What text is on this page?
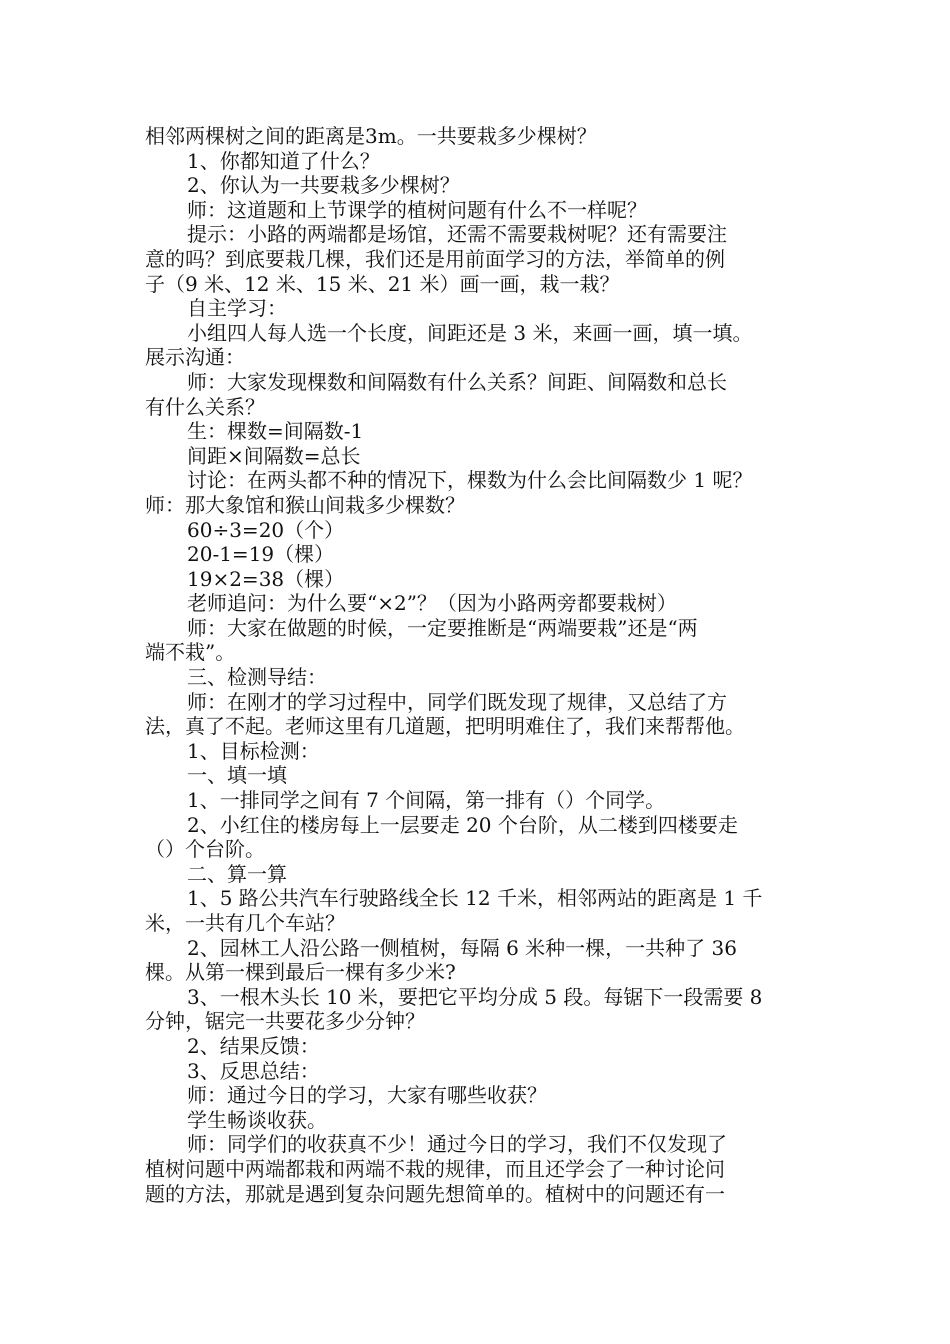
相邻两棵树之间的距离是3m。一共要栽多少棵树？
1、你都知道了什么？
2、你认为一共要栽多少棵树？
师：这道题和上节课学的植树问题有什么不一样呢？
提示：小路的两端都是场馆，还需不需要栽树呢？还有需要注
意的吗？到底要栽几棵，我们还是用前面学习的方法，举简单的例
子（9 米、12 米、15 米、21 米）画一画，栽一栽？
自主学习：
小组四人每人选一个长度，间距还是 3 米，来画一画，填一填。
展示沟通：
师：大家发现棵数和间隔数有什么关系？间距、间隔数和总长
有什么关系？
生：棵数=间隔数-1
间距×间隔数=总长
讨论：在两头都不种的情况下，棵数为什么会比间隔数少 1 呢？
师：那大象馆和猴山间栽多少棵数？
60÷3=20（个）
20-1=19（棵）
19×2=38（棵）
老师追问：为什么要“×2”？（因为小路两旁都要栽树）
师：大家在做题的时候，一定要推断是“两端要栽”还是“两
端不栽”。
三、检测导结：
师：在刚才的学习过程中，同学们既发现了规律，又总结了方
法，真了不起。老师这里有几道题，把明明难住了，我们来帮帮他。
1、目标检测：
一、填一填
1、一排同学之间有 7 个间隔，第一排有（）个同学。
2、小红住的楼房每上一层要走 20 个台阶，从二楼到四楼要走
（）个台阶。
二、算一算
1、5 路公共汽车行驶路线全长 12 千米，相邻两站的距离是 1 千
米，一共有几个车站？
2、园林工人沿公路一侧植树，每隔 6 米种一棵，一共种了 36
棵。从第一棵到最后一棵有多少米?
3、一根木头长 10 米，要把它平均分成 5 段。每锯下一段需要 8
分钟，锯完一共要花多少分钟？
2、结果反馈：
3、反思总结：
师：通过今日的学习，大家有哪些收获？
学生畅谈收获。
师：同学们的收获真不少！通过今日的学习，我们不仅发现了
植树问题中两端都栽和两端不栽的规律，而且还学会了一种讨论问
题的方法，那就是遇到复杂问题先想简单的。植树中的问题还有一
